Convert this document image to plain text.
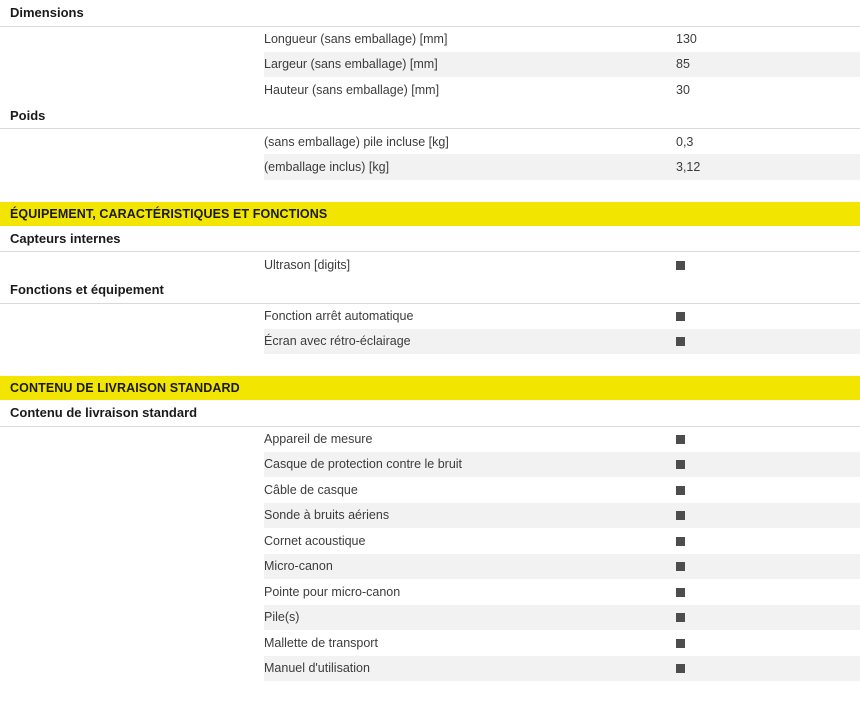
Dimensions		
	Longueur (sans emballage) [mm]	130
	Largeur (sans emballage) [mm]	85
	Hauteur (sans emballage) [mm]	30
Poids		
	(sans emballage) pile incluse [kg]	0,3
	(emballage inclus) [kg]	3,12

ÉQUIPEMENT, CARACTÉRISTIQUES ET FONCTIONS		
Capteurs internes		
	Ultrason [digits]	
Fonctions et équipement		
	Fonction arrêt automatique	
	Écran avec rétro-éclairage	

CONTENU DE LIVRAISON STANDARD		
Contenu de livraison standard		
	Appareil de mesure	
	Casque de protection contre le bruit	
	Câble de casque	
	Sonde à bruits aériens	
	Cornet acoustique	
	Micro-canon	
	Pointe pour micro-canon	
	Pile(s)	
	Mallette de transport	
	Manuel d'utilisation	
